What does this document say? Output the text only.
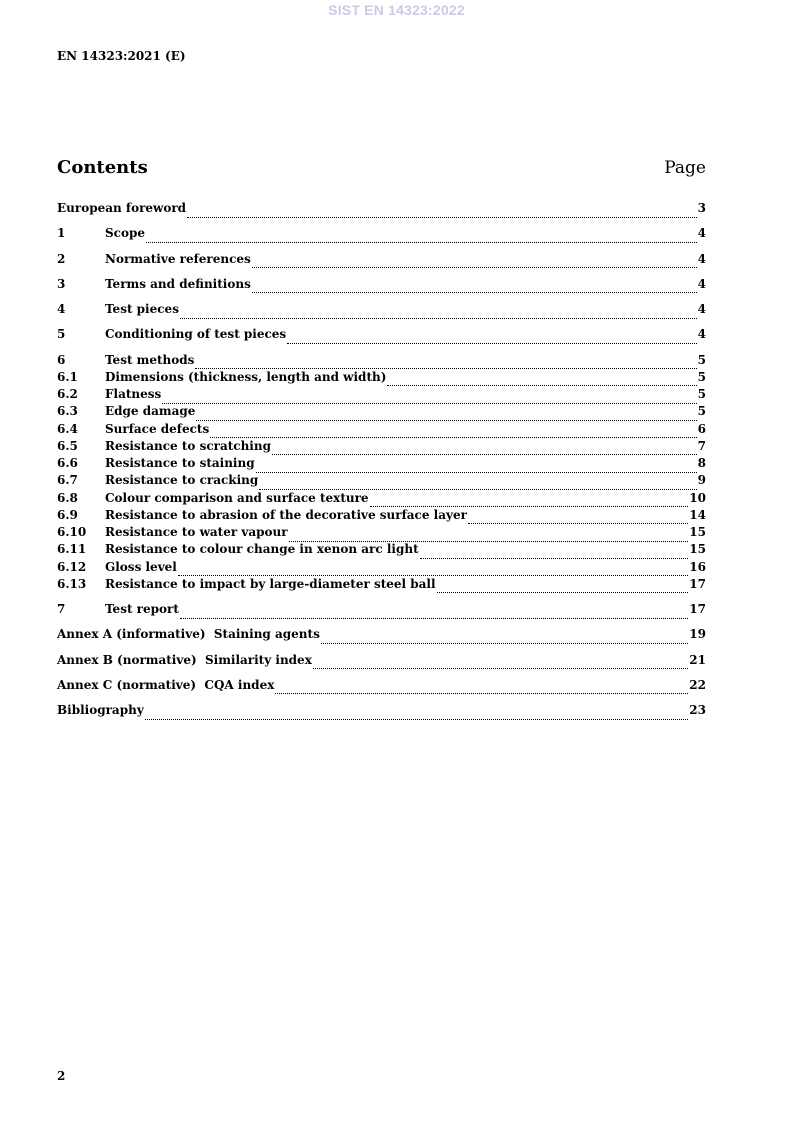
SIST EN 14323:2022
EN 14323:2021 (E)
Contents	Page
European foreword	3
1	Scope	4
2	Normative references	4
3	Terms and definitions	4
4	Test pieces	4
5	Conditioning of test pieces	4
6	Test methods	5
6.1	Dimensions (thickness, length and width)	5
6.2	Flatness	5
6.3	Edge damage	5
6.4	Surface defects	6
6.5	Resistance to scratching	7
6.6	Resistance to staining	8
6.7	Resistance to cracking	9
6.8	Colour comparison and surface texture	10
6.9	Resistance to abrasion of the decorative surface layer	14
6.10	Resistance to water vapour	15
6.11	Resistance to colour change in xenon arc light	15
6.12	Gloss level	16
6.13	Resistance to impact by large-diameter steel ball	17
7	Test report	17
Annex A (informative)  Staining agents	19
Annex B (normative)  Similarity index	21
Annex C (normative)  CQA index	22
Bibliography	23
2
